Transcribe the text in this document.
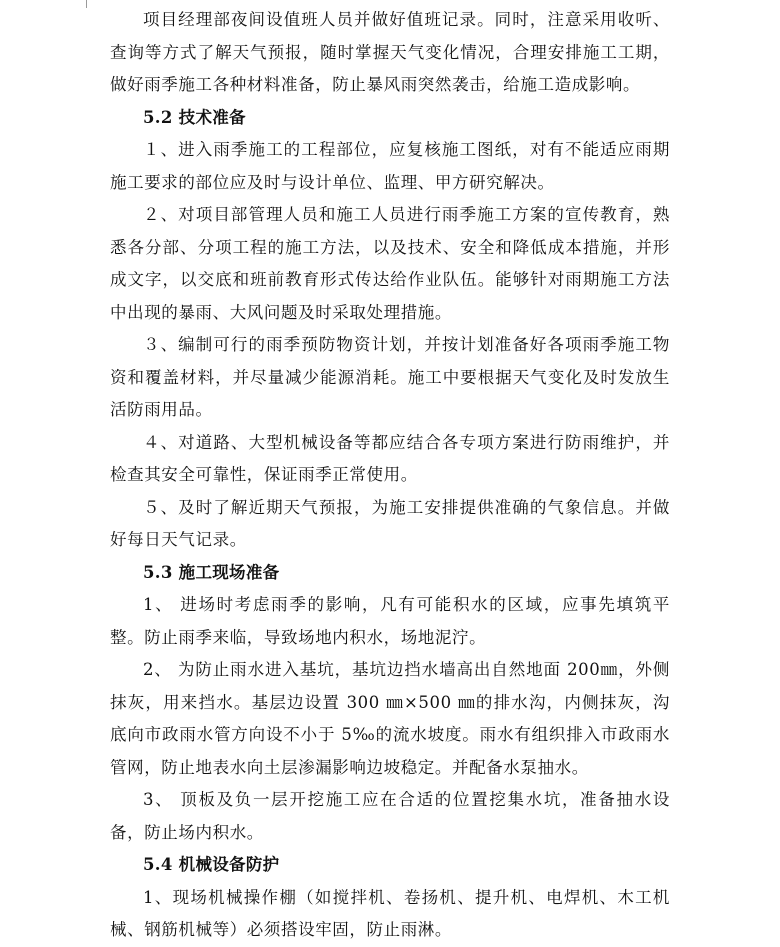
项目经理部夜间设值班人员并做好值班记录。同时，注意采用收听、查询等方式了解天气预报，随时掌握天气变化情况，合理安排施工工期，做好雨季施工各种材料准备，防止暴风雨突然袭击，给施工造成影响。

5.2 技术准备

１、进入雨季施工的工程部位，应复核施工图纸，对有不能适应雨期施工要求的部位应及时与设计单位、监理、甲方研究解决。

２、对项目部管理人员和施工人员进行雨季施工方案的宣传教育，熟悉各分部、分项工程的施工方法，以及技术、安全和降低成本措施，并形成文字，以交底和班前教育形式传达给作业队伍。能够针对雨期施工方法中出现的暴雨、大风问题及时采取处理措施。

３、编制可行的雨季预防物资计划，并按计划准备好各项雨季施工物资和覆盖材料，并尽量减少能源消耗。施工中要根据天气变化及时发放生活防雨用品。

４、对道路、大型机械设备等都应结合各专项方案进行防雨维护，并检查其安全可靠性，保证雨季正常使用。

５、及时了解近期天气预报，为施工安排提供准确的气象信息。并做好每日天气记录。

5.3 施工现场准备

1、 进场时考虑雨季的影响，凡有可能积水的区域，应事先填筑平整。防止雨季来临，导致场地内积水，场地泥泞。

2、 为防止雨水进入基坑，基坑边挡水墙高出自然地面 200㎜，外侧抹灰，用来挡水。基层边设置 300 ㎜×500 ㎜的排水沟，内侧抹灰，沟底向市政雨水管方向设不小于 5‰的流水坡度。雨水有组织排入市政雨水管网，防止地表水向土层渗漏影响边坡稳定。并配备水泵抽水。

3、 顶板及负一层开挖施工应在合适的位置挖集水坑，准备抽水设备，防止场内积水。

5.4 机械设备防护

1、现场机械操作棚（如搅拌机、卷扬机、提升机、电焊机、木工机械、钢筋机械等）必须搭设牢固，防止雨淋。
